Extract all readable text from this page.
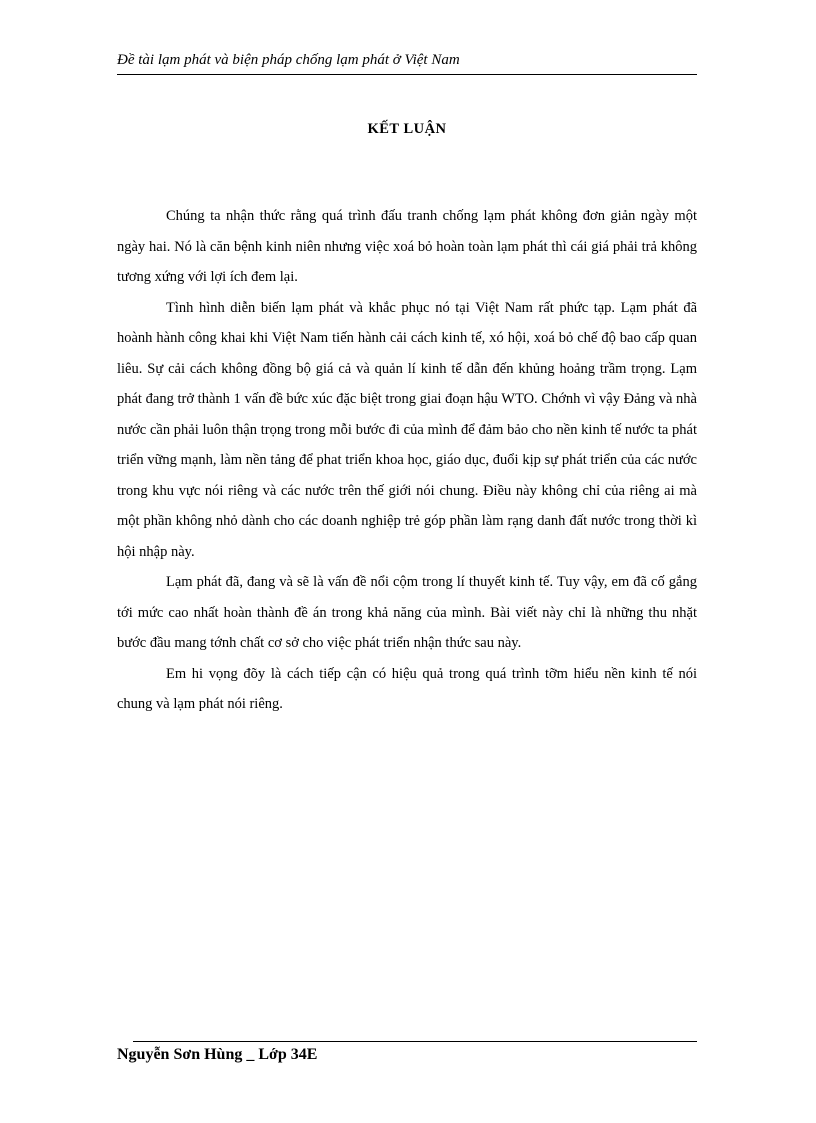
Đề tài lạm phát và biện pháp chống lạm phát ở Việt Nam
KẾT LUẬN

Chúng ta nhận thức rằng quá trình đấu tranh chống lạm phát không đơn giản ngày một ngày hai. Nó là căn bệnh kinh niên nhưng việc xoá bỏ hoàn toàn lạm phát thì cái giá phải trả không tương xứng với lợi ích đem lại.

Tình hình diễn biến lạm phát và khắc phục nó tại Việt Nam rất phức tạp. Lạm phát đã hoành hành công khai khi Việt Nam tiến hành cải cách kinh tế, xó hội, xoá bỏ chế độ bao cấp quan liêu. Sự cải cách không đồng bộ giá cả và quản lí kinh tế dẫn đến khủng hoảng trầm trọng. Lạm phát đang trở thành 1 vấn đề bức xúc đặc biệt trong giai đoạn hậu WTO. Chớnh vì vậy Đảng và nhà nước cần phải luôn thận trọng trong mỗi bước đi của mình để đảm bảo cho nền kinh tế nước ta phát triển vững mạnh, làm nền tảng để phat triển khoa học, giáo dục, đuổi kịp sự phát triển của các nước trong khu vực nói riêng và các nước trên thế giới nói chung. Điều này không chỉ của riêng ai mà một phần không nhỏ dành cho các doanh nghiệp trẻ góp phần làm rạng danh đất nước trong thời kì hội nhập này.

Lạm phát đã, đang và sẽ là vấn đề nổi cộm trong lí thuyết kinh tế. Tuy vậy, em đã cố gắng tới mức cao nhất hoàn thành đề án trong khả năng của mình. Bài viết này chỉ là những thu nhặt bước đầu mang tớnh chất cơ sở cho việc phát triển nhận thức sau này.

Em hi vọng đõy là cách tiếp cận có hiệu quả trong quá trình tỡm hiểu nền kinh tế nói chung và lạm phát nói riêng.

Nguyễn Sơn Hùng _ Lớp 34E
